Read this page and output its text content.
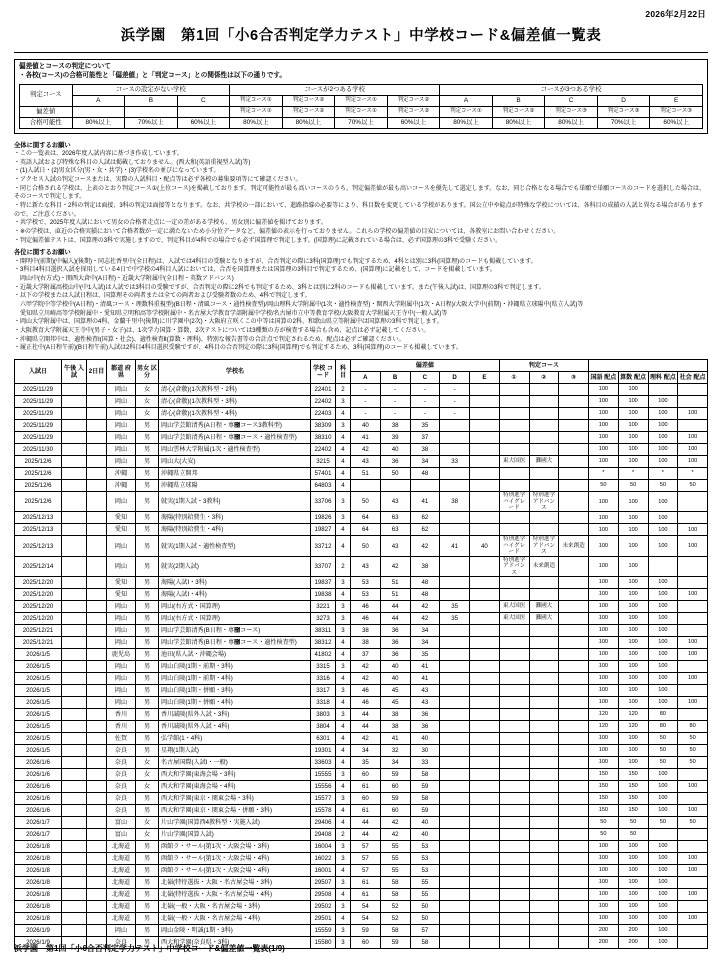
2026年2月22日
浜学園　第1回「小6合否判定学力テスト」中学校コード&偏差値一覧表
偏差値とコースの判定について
・各校(コース)の合格可能性と「偏差値」と「判定コース」との関係性は以下の通りです。
判定コース	コースの設定がない学校			コースが2つある学校				コースが3つある学校				
	A	B	C	判定コース①	判定コース②	判定コース①	判定コース②	A	B	C	D	E
偏差値				判定コース①	判定コース②	判定コース①	判定コース②	判定コース①	判定コース②	判定コース③	判定コース③	判定コース③
合格可能性	80%以上	70%以上	60%以上	80%以上	80%以上	70%以上	60%以上	80%以上	80%以上	80%以上	70%以上	60%以上

全体に関するお願い

・この一覧表は、2026年度入試内容に基づき作成しています。

・英語入試および特殊な科目の入試は掲載しておりません。(西大和(英語重視型入試)等)

・(1)入試日・(2)男女区分(男・女・共学)・(3)学校名の並びになっています。

・アクセス入試の判定コースまたは、実際の入試科目・配点等は必ず各校の募集要項等にて確認ください。

・同じ合格される学校は、上表のとおり判定コース①(上位コース)を掲載しております。判定可能性が最も高いコースのうち、判定偏差値が最も高いコースを優先して選定します。なお、同じ合格となる場合でも単願で単願コースのコードを選択した場合は、そのコースで判定します。

・特に新たな科目・2科の判定は面接、3科の判定は面接等となります。なお、共学校の一部において、進路指導の必要等により、科目数を変更している学校があります。国公立中や総点が特殊な学校については、各科目の成績の入試と異なる場合がありますので、ご注意ください。

・共学校で、2025年度入試において男女の合格者走点に一定の差がある学校も、男女別に偏差値を掲げております。

・※の学校は、直近の合格実績において合格者数が一定に満たないため小分位データなど、偏差値の表示を行っておりません。これらの学校の偏差値の目安については、各教室にお問い合わせください。

・判定偏差値テストは、国算理の3科で実施しますので、判定科目が4科での場合でも必ず国算理で判定します。(国算理)に記載されている場合は、必ず国算理の3科で受験ください。

各位に関するお願い

・開明中(前期)(中編入)(後期)・同志社香里中(全日程)は、入試では4科目の受験となりますが、合否判定の際に3科(国算理)でも判定するため、4科とは別に3科(国算理)のコードも掲載しています。

・3科目4科目選択入試を採用している4日で中学校の4科目入試においては、合否を国算理または国算理の3科目で判定するため、(国算理)に記載をして、コードを掲載しています。

　岡山中(右方式)・関西大倉中(A日程)・近畿大学附属中(全日程・英数アドバンス)

・近畿大学附属高校山中(中1入試)は入試では3科目の受験ですが、合否判定の際に2科でも判定するため、3科とは別に2科のコードも掲載しています。また(午後入試)は、国算理の3科で判定します。

・以下の学校または入試日程は、国算理その両者または全ての両者および受験者数のため、4科で判定します。

　六甲学院中等学校中(A日程)・清風コース・理数科重視型)(B日程・清風コース・通性検査型)/岡山理科大学附属中(1次・適性検査型)・関西大学附属中(1次・A日程)/大阪大学中(前期)・沖縄県立球陽中(県立入試)等

　愛知県立川崎高等学校附属中・愛知県立明和高等学校附属中・名古屋大学教育学部附属中学校/名古屋市立中等教育学校/大阪教育大学附属天王寺中(一般入試)等

・岡山大学附属中は、国算理の4科、金蘭千里中(後期)に川学園中(2次)・大阪府立咲くこの中等は国算の2科、和歌山県立等附属中は国算理の3科で判定します。

・大阪教育大学附属天王寺中(男子・女子)は、1次学力国算・算数、2次テストについては3種類の方が検査する場合も含め、記点は必ず記載してください。

・沖縄県立開邦中は、適性検査Ⅰ(国算・社会)、適性検査Ⅱ(算数・理科)、特別な報告書等の合計点で判定されるため、配点は必ずご確認ください。

・履正社中(A日程午前)(B日程午前)入試は2科目4科目選択受験ですが、4科目の合否判定の際に3科(国算理)でも判定するため、3科(国算理)のコードも掲載しています。

入試日	午後 入試	2日目	都道 府県	男女 区分	学校名	学校 コード	科 目	偏差値					判定コース						
								A	B	C	D	E	①	②	③	国語 配点	算数 配点	理科 配点	社会 配点
2025/11/29			岡山	女	清心(倉敷)(1次教科型・2科)	22401	2	-	-	-	-					100	100		
2025/11/29			岡山	女	清心(倉敷)(1次教科型・3科)	22402	3	-	-	-	-					100	100	100	
2025/11/29			岡山	女	清心(倉敷)(1次教科型・4科)	22403	4	-	-	-	-					100	100	100	100
2025/11/29			岡山	男	岡山学芸館清秀(A日程・専಴コース3教科型)	38309	3	40	38	35						100	100	100	
2025/11/29			岡山	男	岡山学芸館清秀(A日程・専಴コース・適性検査型)	38310	4	41	39	37						100	100	100	100
2025/11/30			岡山	男	岡山雲林大学附属(1次・適性検査型)	22402	4	42	40	38						100	100	100	100
2025/12/6			岡山	男	岡山大(大安)	3215	4	43	36	34	33		東大国医	灘國大		100	100	100	100
2025/12/6			沖縄	男	沖縄県立開邦	57401	4	51	50	48						*	*	*	*
2025/12/6			沖縄	男	沖縄県立球陽	64803	4									50	50	50	50
2025/12/6			岡山	男	就実(1期入試・3教科)	33706	3	50	43	41	38		特別進学ハイグレード	特別進学アドバンス		100	100	100	
2025/12/13			愛知	男	海陽(特別給費生・3科)	19826	3	64	63	62						100	100	100	
2025/12/13			愛知	男	海陽(特別給費生・4科)	19827	4	64	63	62						100	100	100	100
2025/12/13			岡山	男	就実(1期入試・適性検査型)	33712	4	50	43	42	41	40	特別進学ハイグレード	特別進学アドバンス	未来創造	100	100	100	100
2025/12/14			岡山	男	就実(2期入試)	33707	2	43	42	38			特別進学アドバンス	未来創造		100	100		
2025/12/20			愛知	男	海陽(入試Ⅰ・3科)	19837	3	53	51	48						100	100	100	
2025/12/20			愛知	男	海陽(入試Ⅰ・4科)	19838	4	53	51	48						100	100	100	100
2025/12/20			岡山	男	岡山(右方式・国算理)	3221	3	46	44	42	35		東大国医	灘國大		100	100	100	
2025/12/20			岡山	男	岡山(右方式・国算理)	3273	3	46	44	42	35		東大国医	灘國大		100	100	100	
2025/12/21			岡山	男	岡山学芸館清秀(B日程・専಴コース)	38311	3	38	36	34						100	100	100	
2025/12/21			岡山	男	岡山学芸館清秀(B日程・専಴コース・適性検査型)	38312	4	38	36	34						100	100	100	100
2026/1/5			鹿児島	男	池田(県入試・沖縄会場)	41802	4	37	36	35						100	100	100	100
2026/1/5			岡山	男	岡山白陵(1期・前期・3科)	3315	3	42	40	41						100	100	100	
2026/1/5			岡山	男	岡山白陵(1期・前期・4科)	3316	4	42	40	41						100	100	100	100
2026/1/5			岡山	男	岡山白陵(1期・併願・3科)	3317	3	46	45	43						100	100	100	
2026/1/5			岡山	男	岡山白陵(1期・併願・4科)	3318	4	46	45	43						100	100	100	100
2026/1/5			香川	男	香川誠陵(県外入試・3科)	3803	3	44	38	36						120	120	80	
2026/1/5			香川	男	香川誠陵(県外入試・4科)	3804	4	44	38	36						120	120	80	80
2026/1/5			佐賀	男	弘学館(1・4科)	6301	4	42	41	40						100	100	50	50
2026/1/5			奈良	男	星翔(1期入試)	19301	4	34	32	30						100	100	50	50
2026/1/6			奈良	女	名古屋国際(入試Ⅰ・一般)	33603	4	35	34	33						100	100	50	50
2026/1/6			奈良	女	西大和学園(東海会場・3科)	15555	3	60	59	58						150	150	100	
2026/1/6			奈良	女	西大和学園(東海会場・4科)	15556	4	61	60	59						150	150	100	100
2026/1/6			奈良	男	西大和学園(東京・関東会場・3科)	15577	3	60	59	58						150	150	100	
2026/1/6			奈良	男	西大和学園(東京・関東会場・併願・3科)	15578	4	61	60	59						150	150	100	100
2026/1/7			富山	女	片山学園(国算西4教科型・実施入試)	29406	4	44	42	40						50	50	50	50
2026/1/7			富山	女	片山学園(国算入試)	29408	2	44	42	40						50	50		
2026/1/8			北海道	男	函館ラ・サール(第1次・大阪会場・3科)	16004	3	57	55	53						100	100	100	
2026/1/8			北海道	男	函館ラ・サール(第1次・大阪会場・4科)	16022	3	57	55	53						100	100	100	100
2026/1/8			北海道	男	函館ラ・サール(第1次・大阪会場・4科)	16001	4	57	55	53						100	100	100	100
2026/1/8			北海道	男	北嶺(特待選抜・大阪・名古屋会場・3科)	29507	3	61	58	55						100	100	100	
2026/1/8			北海道	男	北嶺(特待選抜・大阪・名古屋会場・4科)	29508	4	61	58	55						100	100	100	100
2026/1/8			北海道	男	北嶺(一般・大阪・名古屋会場・3科)	29502	3	54	52	50						100	100	100	
2026/1/8			北海道	男	北嶺(一般・大阪・名古屋会場・4科)	29501	4	54	52	50						100	100	100	100
2026/1/9			岡山	男	岡山金陵・明誠(1期・3科)	15559	3	59	58	57						200	200	100	
2026/1/9			奈良	男	西大和学園(奈良県・3科)	15580	3	60	59	58						200	200	100	
浜学園　第1回「小6合否判定学力テスト」中学校コード&偏差値一覧表(1/9)
